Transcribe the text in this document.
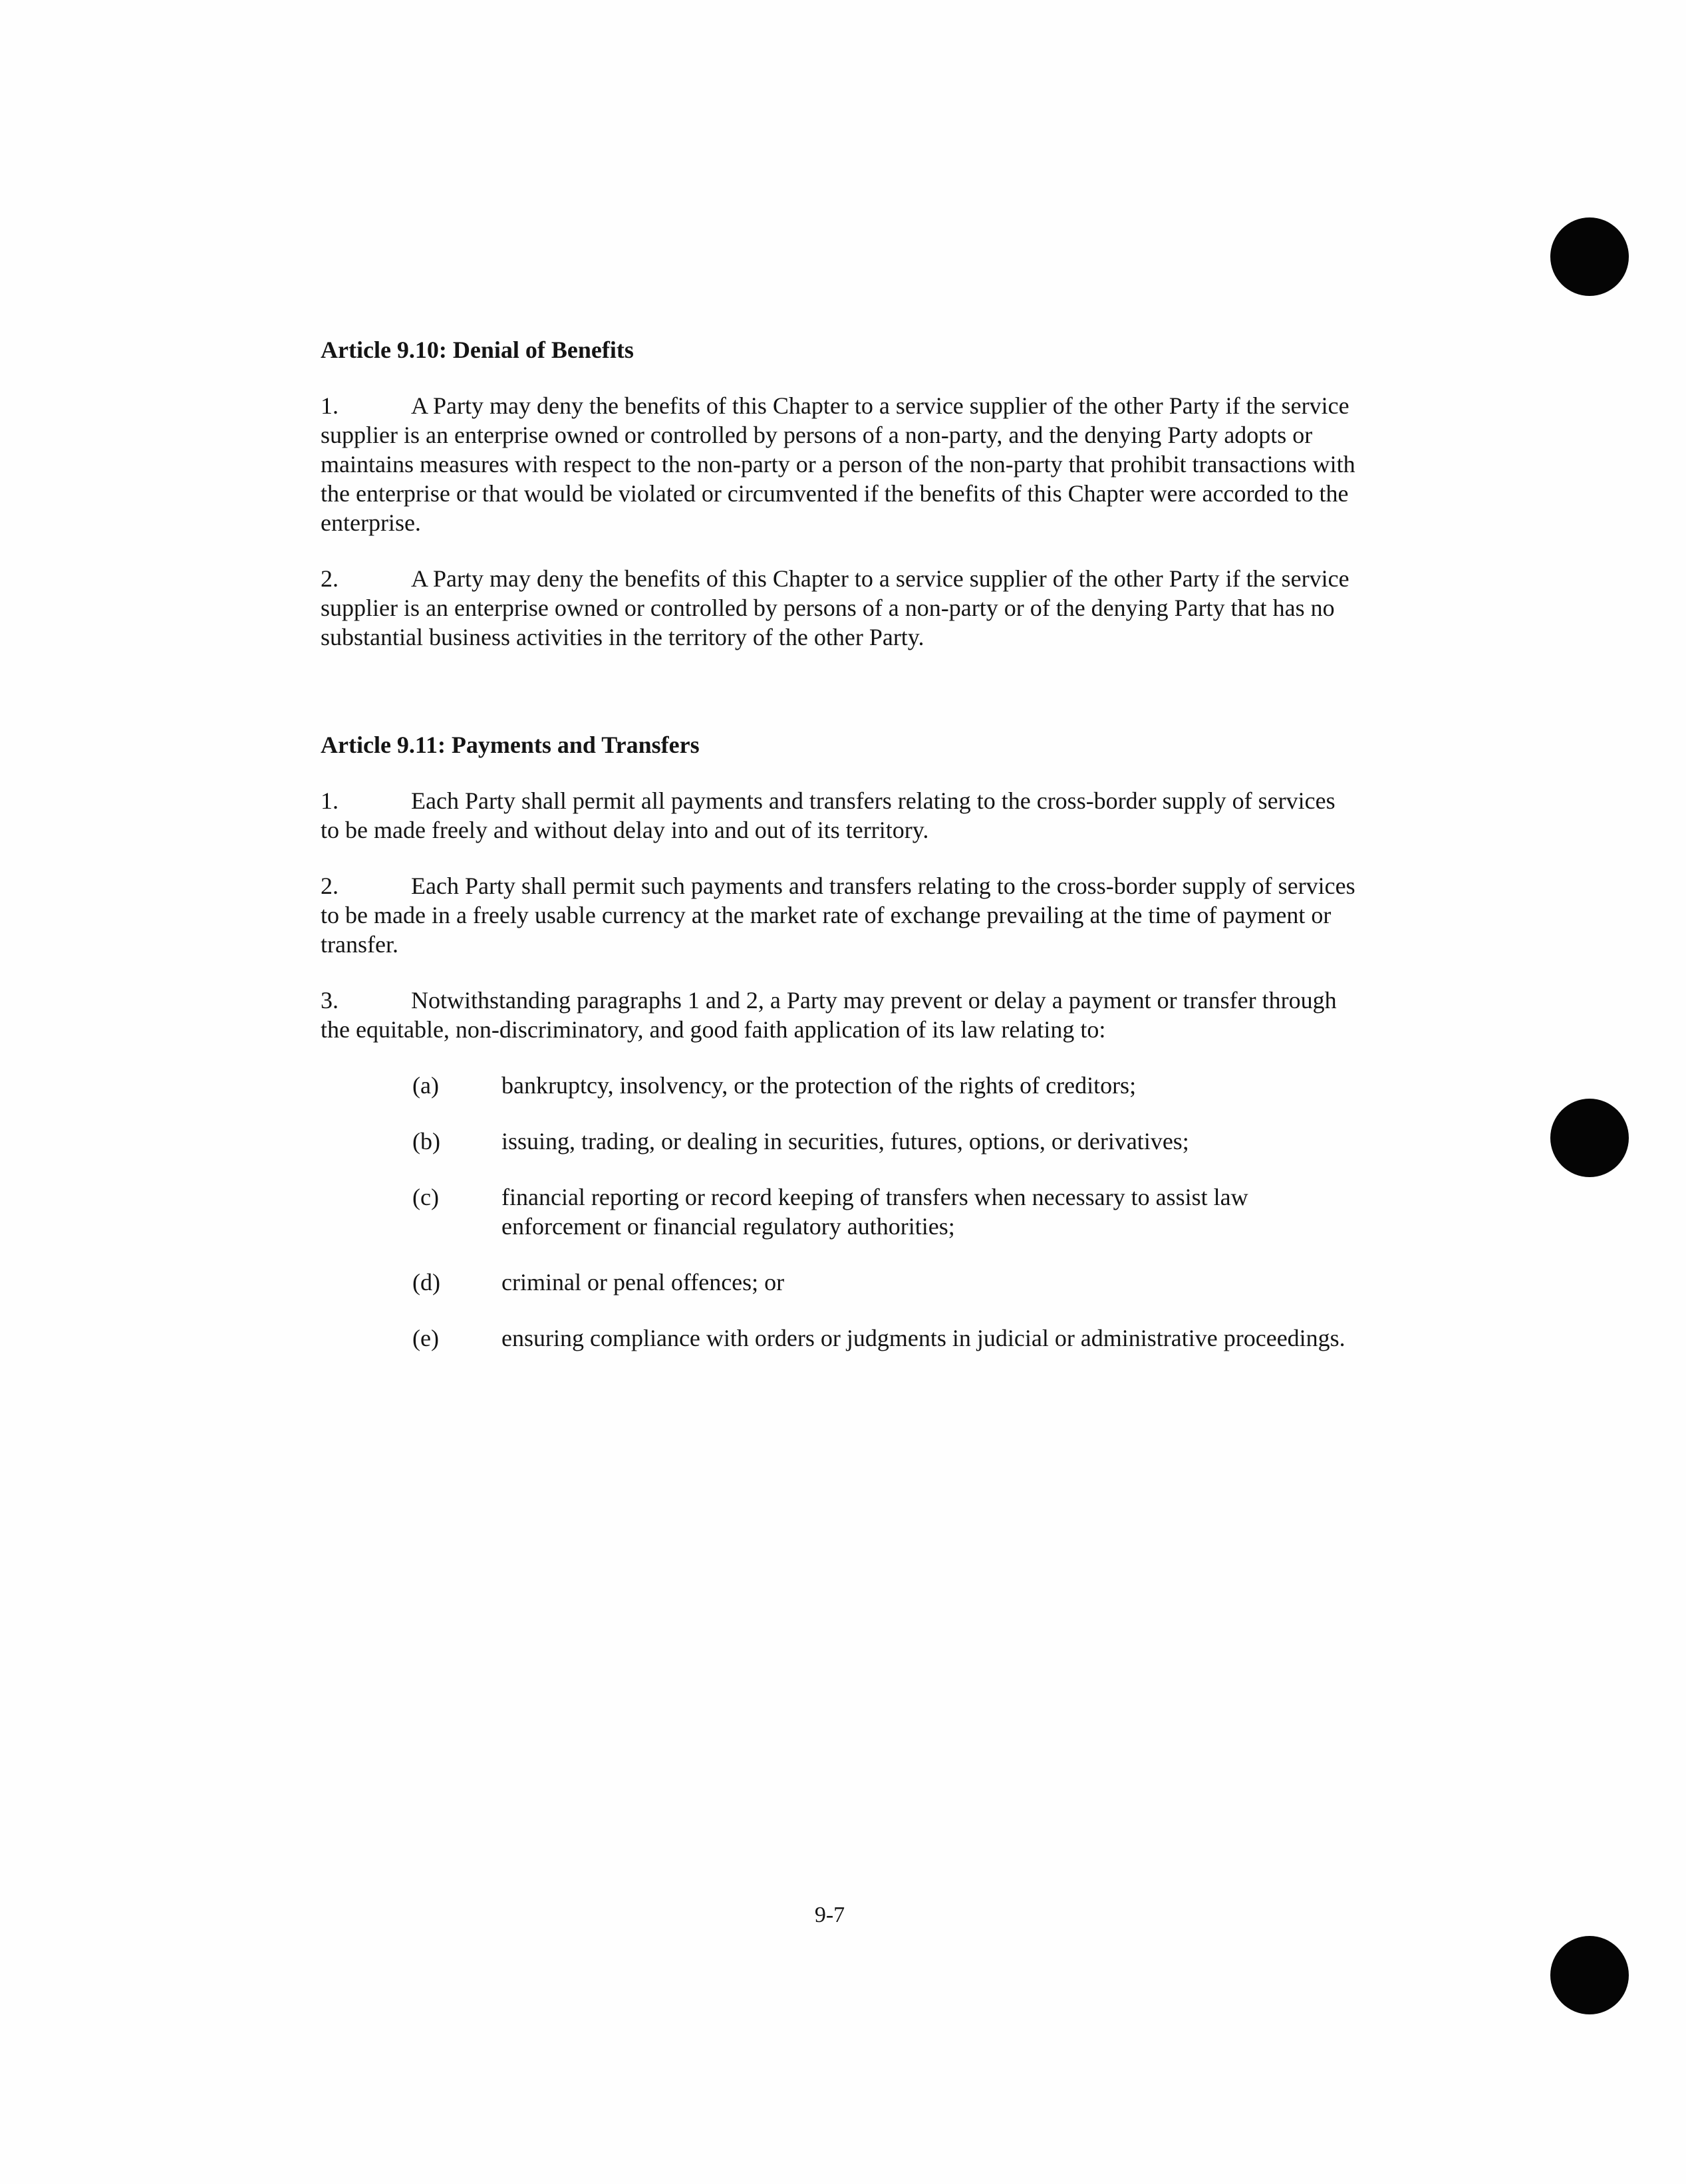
Article 9.10: Denial of Benefits

1.	A Party may deny the benefits of this Chapter to a service supplier of the other Party if the service supplier is an enterprise owned or controlled by persons of a non-party, and the denying Party adopts or maintains measures with respect to the non-party or a person of the non-party that prohibit transactions with the enterprise or that would be violated or circumvented if the benefits of this Chapter were accorded to the enterprise.

2.	A Party may deny the benefits of this Chapter to a service supplier of the other Party if the service supplier is an enterprise owned or controlled by persons of a non-party or of the denying Party that has no substantial business activities in the territory of the other Party.

Article 9.11: Payments and Transfers

1.	Each Party shall permit all payments and transfers relating to the cross-border supply of services to be made freely and without delay into and out of its territory.

2.	Each Party shall permit such payments and transfers relating to the cross-border supply of services to be made in a freely usable currency at the market rate of exchange prevailing at the time of payment or transfer.

3.	Notwithstanding paragraphs 1 and 2, a Party may prevent or delay a payment or transfer through the equitable, non-discriminatory, and good faith application of its law relating to:

(a)	bankruptcy, insolvency, or the protection of the rights of creditors;
(b)	issuing, trading, or dealing in securities, futures, options, or derivatives;
(c)	financial reporting or record keeping of transfers when necessary to assist law enforcement or financial regulatory authorities;
(d)	criminal or penal offences; or
(e)	ensuring compliance with orders or judgments in judicial or administrative proceedings.
9-7
